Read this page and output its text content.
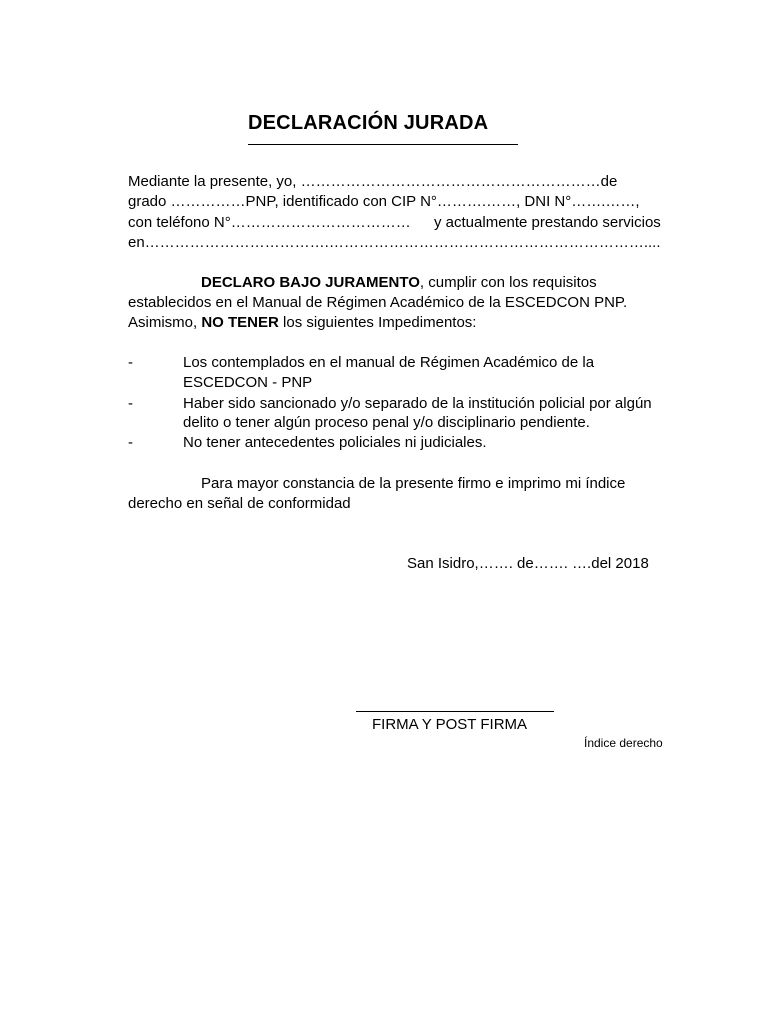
DECLARACIÓN JURADA
Mediante la presente, yo, ……………………………………………………de
grado ……………PNP, identificado con CIP N°……….……, DNI N°…….……,
con teléfono N°……………………………… y actualmente prestando servicios
en……………………………….………………………………………………………....
DECLARO BAJO JURAMENTO, cumplir con los requisitos
establecidos en el Manual de Régimen Académico de la ESCEDCON PNP.
Asimismo, NO TENER los siguientes Impedimentos:
-	Los contemplados en el manual de Régimen Académico de la
ESCEDCON - PNP
-	Haber sido sancionado y/o separado de la institución policial por algún
delito o tener algún proceso penal y/o disciplinario pendiente.
-	No tener antecedentes policiales ni judiciales.
Para mayor constancia de la presente firmo e imprimo mi índice
derecho en señal de conformidad
San Isidro,……. de……. ….del 2018
FIRMA Y POST FIRMA
Índice derecho
